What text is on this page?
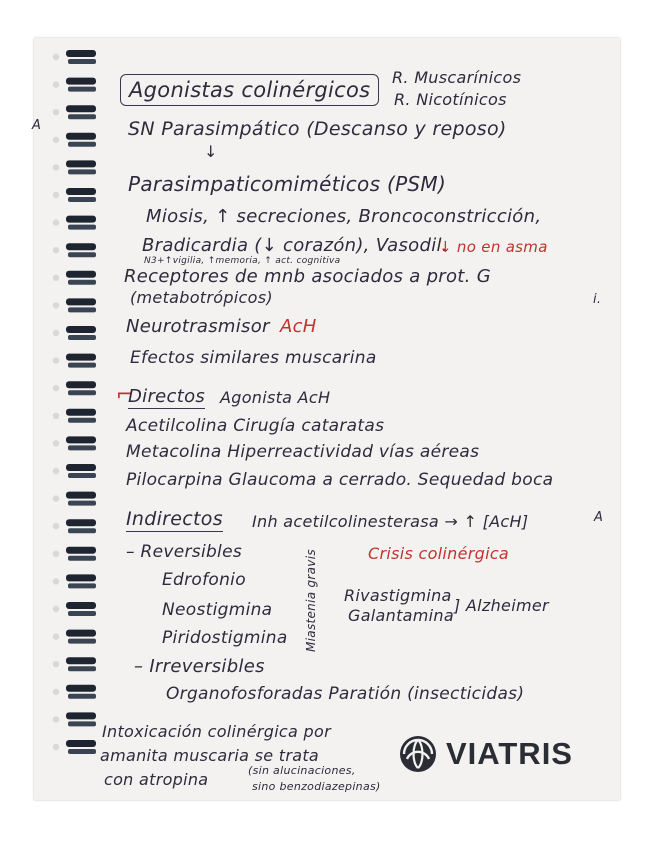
Agonistas colinérgicos
R. Muscarínicos
R. Nicotínicos
A	SN Parasimpático (Descanso y reposo)
↓
Parasimpaticomiméticos (PSM)
Miosis, ↑ secreciones, Broncoconstricción,
Bradicardia (↓ corazón), Vasodil.
↓ no en asma
N3+↑vigilia, ↑memoria, ↑ act. cognitiva
Receptores de mnb asociados a prot. G
(metabotrópicos)	i.
Neurotrasmisor AcH
Efectos similares muscarina
⌐
Directos Agonista AcH
Acetilcolina Cirugía cataratas
Metacolina Hiperreactividad vías aéreas
Pilocarpina Glaucoma a cerrado. Sequedad boca
Indirectos Inh acetilcolinesterasa → ↑ [AcH]	A
– Reversibles	Crisis colinérgica
Edrofonio
Neostigmina
Piridostigmina Miastenia gravis Rivastigmina
Galantamina
] Alzheimer
– Irreversibles
Organofosforadas Paratión (insecticidas)
Intoxicación colinérgica por
amanita muscaria se trata
con atropina	(sin alucinaciones,
sino benzodiazepinas)
VIATRIS
